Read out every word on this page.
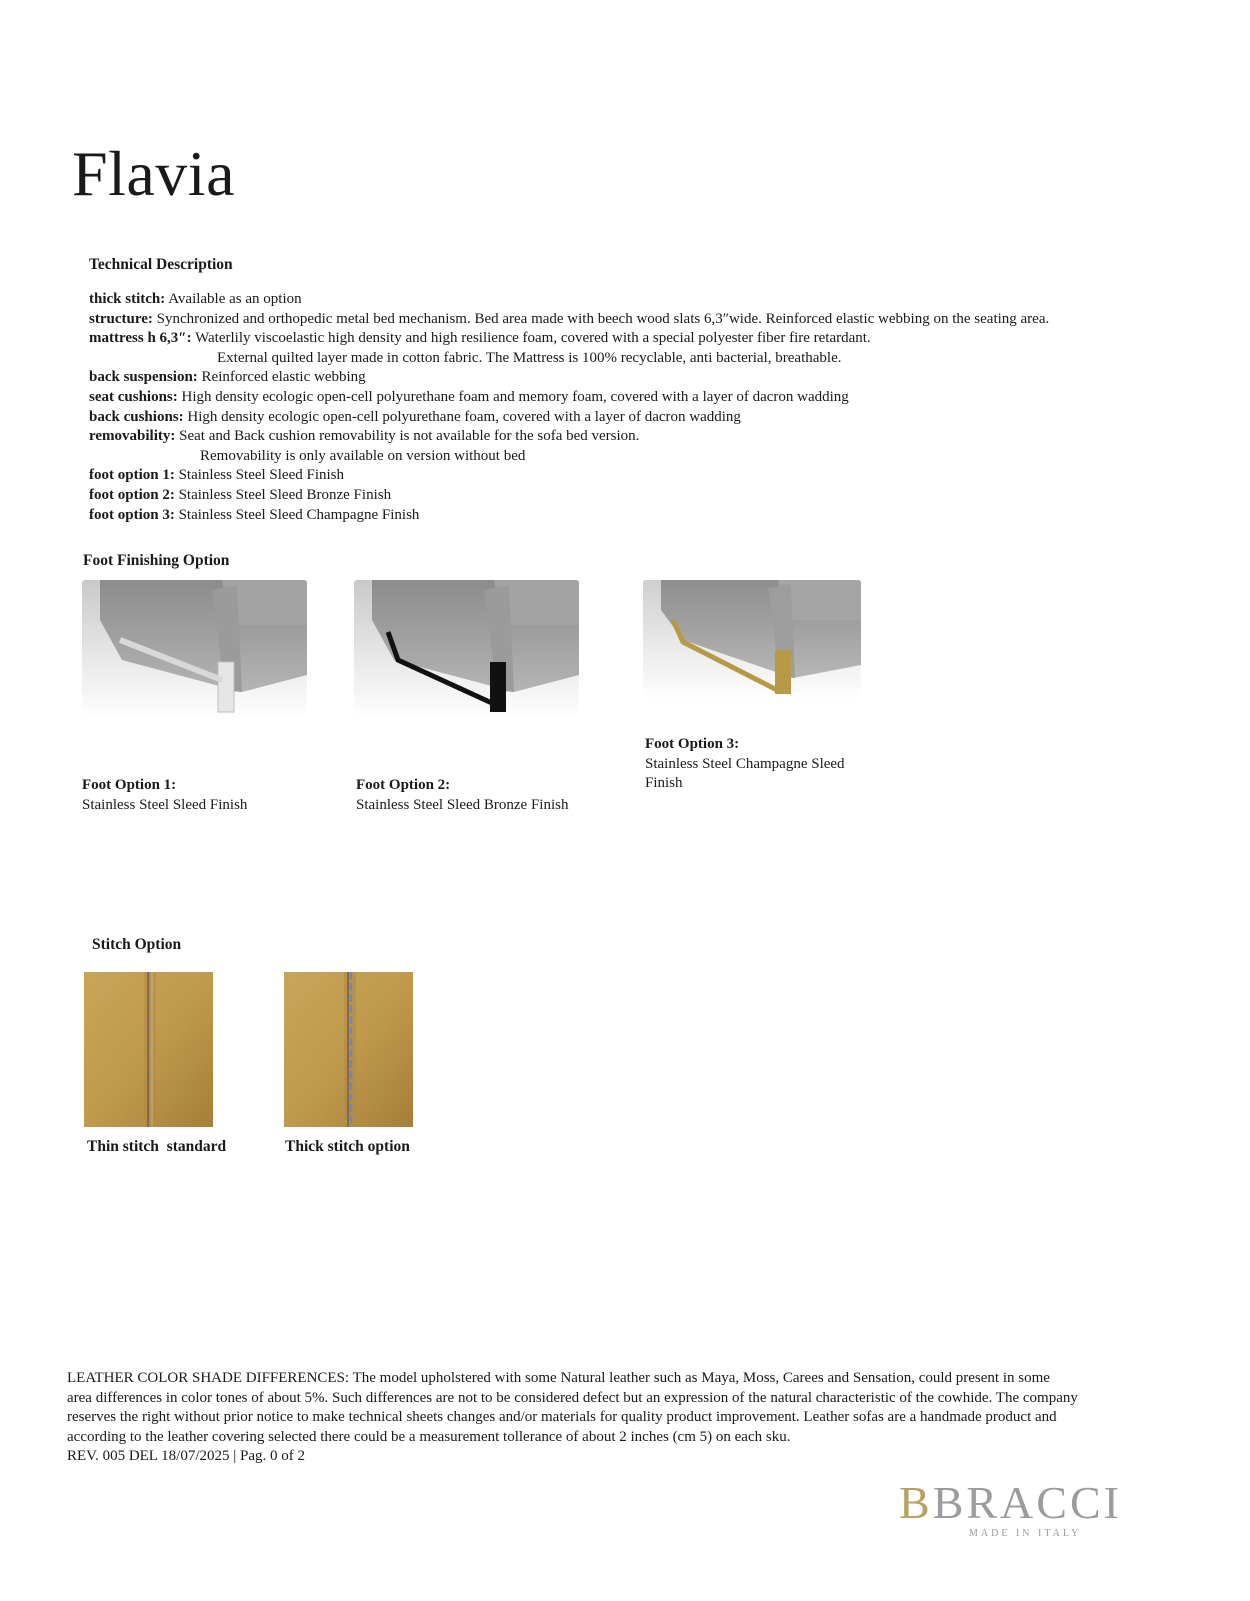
Flavia
Technical Description
thick stitch: Available as an option
structure: Synchronized and orthopedic metal bed mechanism. Bed area made with beech wood slats 6,3″wide. Reinforced elastic webbing on the seating area.
mattress h 6,3″: Waterlily viscoelastic high density and high resilience foam, covered with a special polyester fiber fire retardant.
External quilted layer made in cotton fabric. The Mattress is 100% recyclable, anti bacterial, breathable.
back suspension: Reinforced elastic webbing
seat cushions: High density ecologic open-cell polyurethane foam and memory foam, covered with a layer of dacron wadding
back cushions: High density ecologic open-cell polyurethane foam, covered with a layer of dacron wadding
removability: Seat and Back cushion removability is not available for the sofa bed version.
Removability is only available on version without bed
foot option 1: Stainless Steel Sleed Finish
foot option 2: Stainless Steel Sleed Bronze Finish
foot option 3: Stainless Steel Sleed Champagne Finish
Foot Finishing Option
Foot Option 1:
Stainless Steel Sleed Finish
Foot Option 2:
Stainless Steel Sleed Bronze Finish
Foot Option 3:
Stainless Steel Champagne Sleed
Finish
Stitch Option
Thin stitch  standard	Thick stitch option
LEATHER COLOR SHADE DIFFERENCES: The model upholstered with some Natural leather such as Maya, Moss, Carees and Sensation, could present in some
area differences in color tones of about 5%. Such differences are not to be considered defect but an expression of the natural characteristic of the cowhide. The company
reserves the right without prior notice to make technical sheets changes and/or materials for quality product improvement. Leather sofas are a handmade product and
according to the leather covering selected there could be a measurement tollerance of about 2 inches (cm 5) on each sku.
REV. 005 DEL 18/07/2025 | Pag. 0 of 2
BBRACCI
MADE IN ITALY
